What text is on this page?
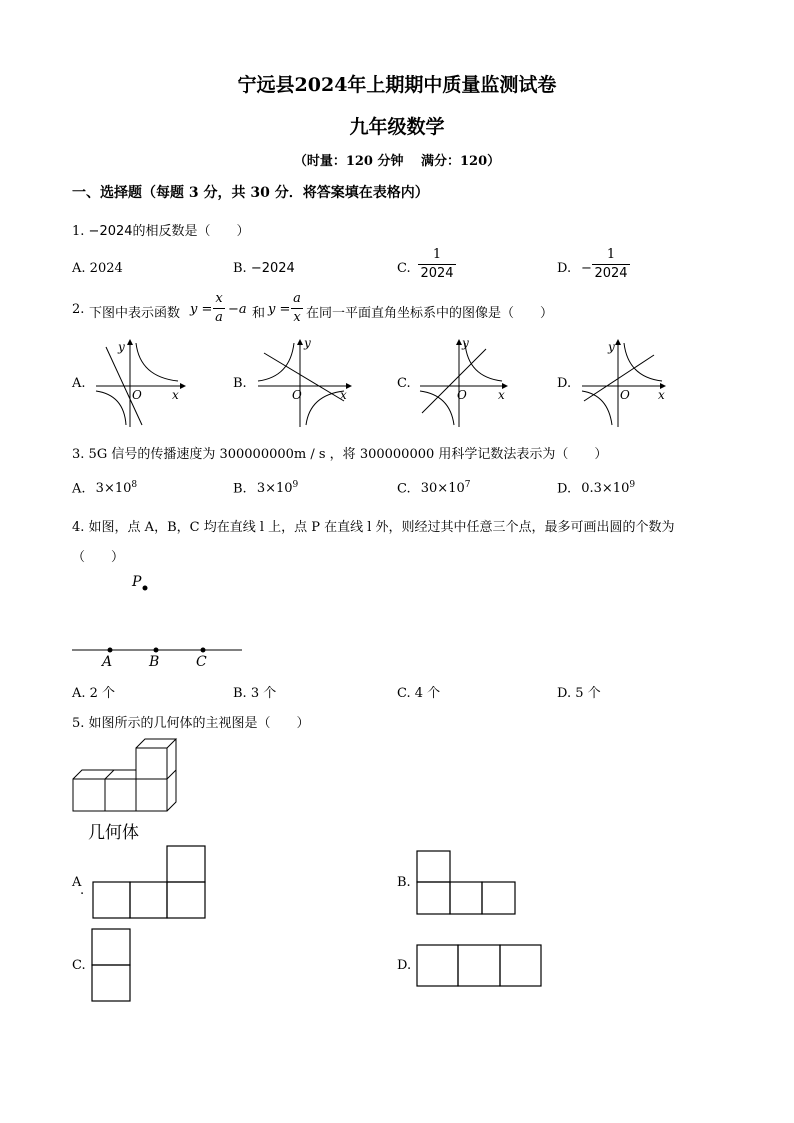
宁远县2024年上期期中质量监测试卷
九年级数学
（时量：120 分钟　 满分：120）
一、选择题（每题 3 分，共 30 分．将答案填在表格内）
1. −2024的相反数是（　　）
A. 2024	B. −2024	C.
1
2024	D. −
1
2024
2. 下图中表示函数 y =
x
a
−a 和 y =
a
x 在同一平面直角坐标系中的图像是（　　）
A.
y
x
O
B.
y
x
O
C.
y
x
O
D.
y
x
O
3. 5G 信号的传播速度为 300000000m / s ，将 300000000 用科学记数法表示为（　　）
A. $3\times 10^8$	B. $3\times 10^9$	C. $30\times 10^7$	D. $0.3\times 10^9$
4. 如图，点 A，B，C 均在直线 l 上，点 P 在直线 l 外，则经过其中任意三个点，最多可画出圆的个数为
（　　）
P
A	B	C
A. 2 个	B. 3 个	C. 4 个	D. 5 个
5. 如图所示的几何体的主视图是（　　）
几何体
A
.
B.
C.	D.
